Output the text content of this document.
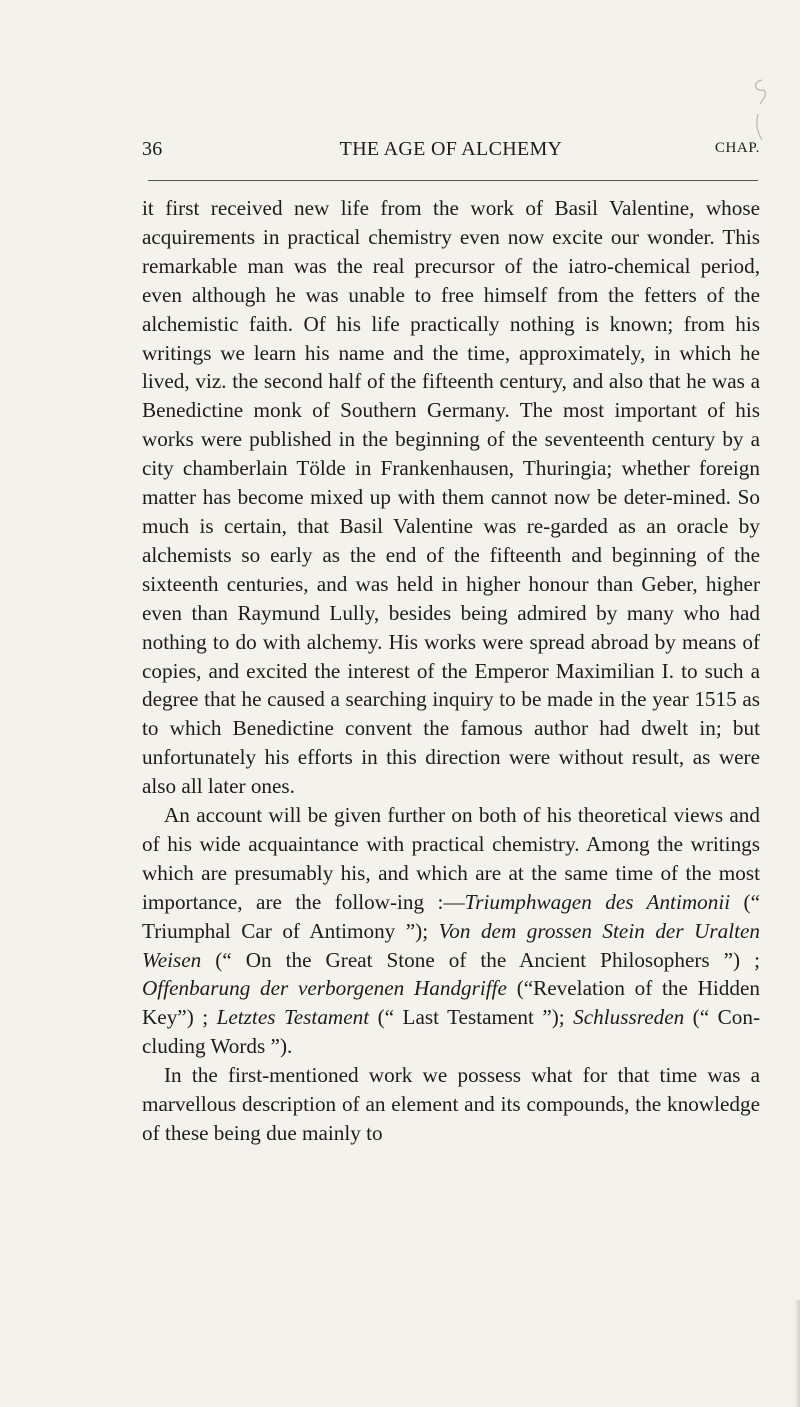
36	THE AGE OF ALCHEMY	CHAP.

it first received new life from the work of Basil Valentine, whose acquirements in practical chemistry even now excite our wonder. This remarkable man was the real precursor of the iatro-chemical period, even although he was unable to free himself from the fetters of the alchemistic faith. Of his life practically nothing is known; from his writings we learn his name and the time, approximately, in which he lived, viz. the second half of the fifteenth century, and also that he was a Benedictine monk of Southern Germany. The most important of his works were published in the beginning of the seventeenth century by a city chamberlain Tölde in Frankenhausen, Thuringia; whether foreign matter has become mixed up with them cannot now be deter-mined. So much is certain, that Basil Valentine was re-garded as an oracle by alchemists so early as the end of the fifteenth and beginning of the sixteenth centuries, and was held in higher honour than Geber, higher even than Raymund Lully, besides being admired by many who had nothing to do with alchemy. His works were spread abroad by means of copies, and excited the interest of the Emperor Maximilian I. to such a degree that he caused a searching inquiry to be made in the year 1515 as to which Benedictine convent the famous author had dwelt in; but unfortunately his efforts in this direction were without result, as were also all later ones.

An account will be given further on both of his theoretical views and of his wide acquaintance with practical chemistry. Among the writings which are presumably his, and which are at the same time of the most importance, are the follow-ing :—Triumphwagen des Antimonii (“ Triumphal Car of Antimony ”); Von dem grossen Stein der Uralten Weisen (“ On the Great Stone of the Ancient Philosophers ”) ; Offenbarung der verborgenen Handgriffe (“Revelation of the Hidden Key”) ; Letztes Testament (“ Last Testament ”); Schlussreden (“ Con-cluding Words ”).

In the first-mentioned work we possess what for that time was a marvellous description of an element and its compounds, the knowledge of these being due mainly to
